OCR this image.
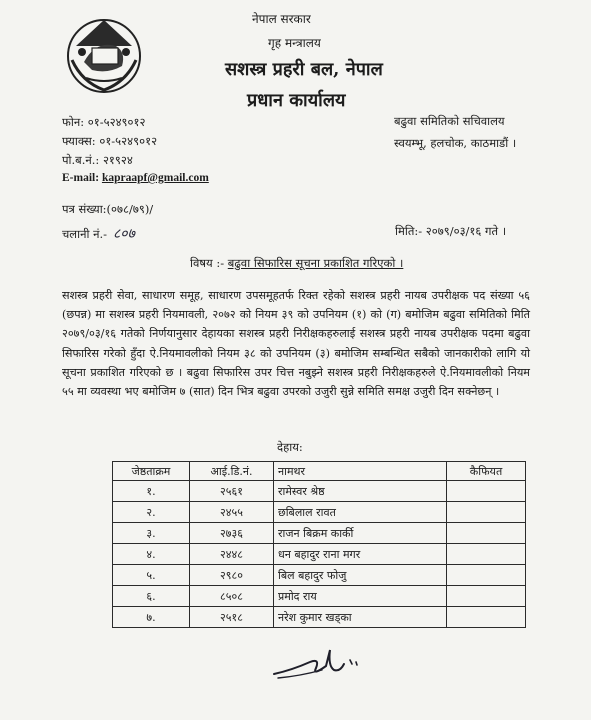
नेपाल सरकार
गृह मन्त्रालय
सशस्त्र प्रहरी बल, नेपाल
प्रधान कार्यालय
फोन: ०१-५२४९०१२
फ्याक्स: ०१-५२४९०१२
पो.ब.नं.: २१९२४
E-mail: kapraapf@gmail.com
बढुवा समितिको सचिवालय
स्वयम्भू, हलचोक, काठमाडौं ।
पत्र संख्या:(०७८/७९)/
चलानी नं.- ८०७	मिति:- २०७९/०३/१६ गते ।
विषय :- बढुवा सिफारिस सूचना प्रकाशित गरिएको ।
सशस्त्र प्रहरी सेवा, साधारण समूह, साधारण उपसमूहतर्फ रिक्त रहेको सशस्त्र प्रहरी नायब उपरीक्षक पद संख्या ५६ (छपन्न) मा सशस्त्र प्रहरी नियमावली, २०७२ को नियम ३९ को उपनियम (१) को (ग) बमोजिम बढुवा समितिको मिति २०७९/०३/१६ गतेको निर्णयानुसार देहायका सशस्त्र प्रहरी निरीक्षकहरुलाई सशस्त्र प्रहरी नायब उपरीक्षक पदमा बढुवा सिफारिस गरेको हुँदा ऐ.नियमावलीको नियम ३८ को उपनियम (३) बमोजिम सम्बन्धित सबैको जानकारीको लागि यो सूचना प्रकाशित गरिएको छ । बढुवा सिफारिस उपर चित्त नबुझ्ने सशस्त्र प्रहरी निरीक्षकहरुले ऐ.नियमावलीको नियम ५५ मा व्यवस्था भए बमोजिम ७ (सात) दिन भित्र बढुवा उपरको उजुरी सुन्ने समिति समक्ष उजुरी दिन सक्नेछन् ।
देहाय:
जेष्ठताक्रम	आई.डि.नं.	नामथर	कैफियत
१.	२५६१	रामेस्वर श्रेष्ठ	
२.	२४५५	छबिलाल रावत	
३.	२७३६	राजन बिक्रम कार्की	
४.	२४४८	धन बहादुर राना मगर	
५.	२९८०	बिल बहादुर फोजु	
६.	८५०८	प्रमोद राय	
७.	२५१८	नरेश कुमार खड्का	
